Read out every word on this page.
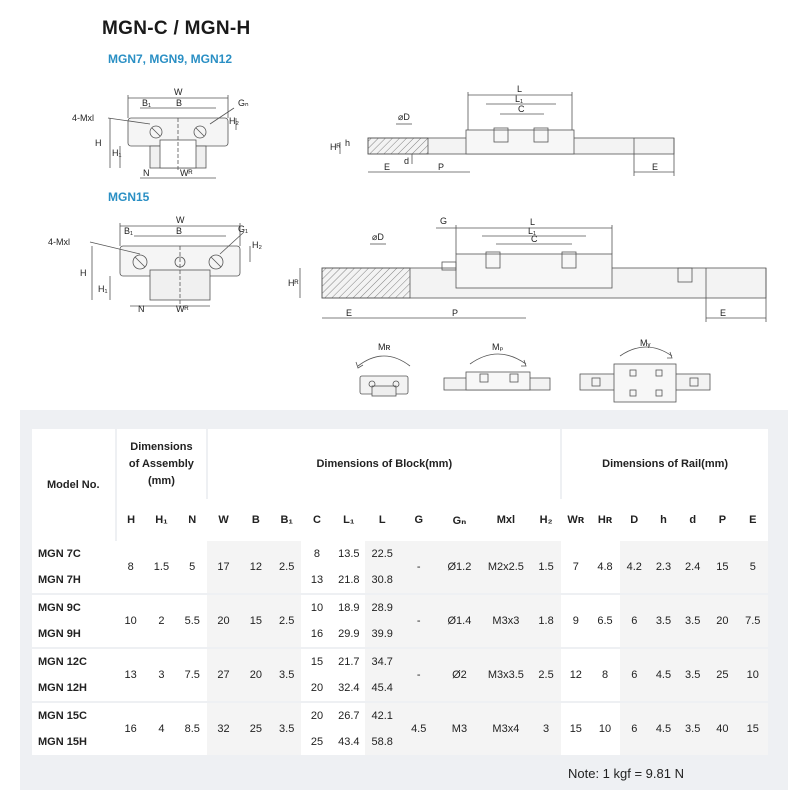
MGN-C / MGN-H
MGN7, MGN9, MGN12
MGN15
W
B
B₁	Gₙ
4-Mxl
H
H₁
H₂
N	Wᴿ
L
L₁
C
⌀D
Hᴿ h
E	P	E
d
W
B
B₁	G₁
4-Mxl
H
H₁
H₂
N	Wᴿ
L
L₁
C
G
⌀D
Hᴿ
E	P	E
Mʀ	Mₚ	Mᵧ
Model No.	Dimensions
of Assembly
(mm)			Dimensions of Block(mm)										Dimensions of Rail(mm)						
	H	H₁	N	W	B	B₁	C	L₁	L	G	Gₙ	Mxl	H₂	Wʀ	Hʀ	D	h	d	P	E
MGN 7C	8	1.5	5	17	12	2.5	8	13.5	22.5	-	Ø1.2	M2x2.5	1.5	7	4.8	4.2	2.3	2.4	15	5
MGN 7H							13	21.8	30.8											
MGN 9C	10	2	5.5	20	15	2.5	10	18.9	28.9	-	Ø1.4	M3x3	1.8	9	6.5	6	3.5	3.5	20	7.5
MGN 9H							16	29.9	39.9											
MGN 12C	13	3	7.5	27	20	3.5	15	21.7	34.7	-	Ø2	M3x3.5	2.5	12	8	6	4.5	3.5	25	10
MGN 12H							20	32.4	45.4											
MGN 15C	16	4	8.5	32	25	3.5	20	26.7	42.1	4.5	M3	M3x4	3	15	10	6	4.5	3.5	40	15
MGN 15H							25	43.4	58.8											
Note: 1 kgf = 9.81 N
